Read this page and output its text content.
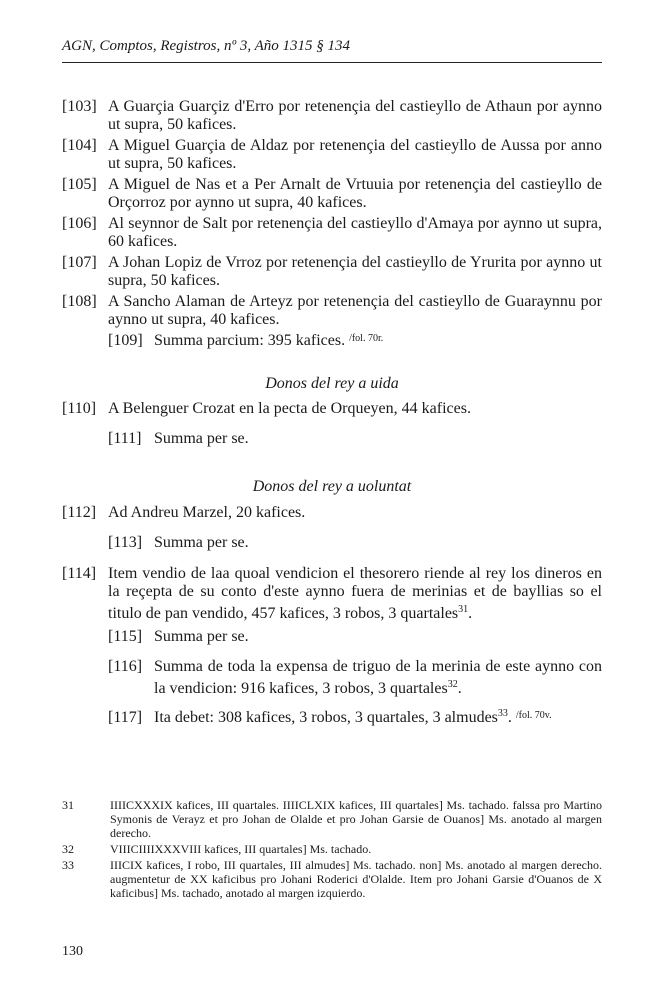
AGN, Comptos, Registros, nº 3, Año 1315 § 134
[103] A Guarçia Guarçiz d'Erro por retenençia del castieyllo de Athaun por aynno ut supra, 50 kafices.
[104] A Miguel Guarçia de Aldaz por retenençia del castieyllo de Aussa por anno ut supra, 50 kafices.
[105] A Miguel de Nas et a Per Arnalt de Vrtuuia por retenençia del castieyllo de Orçorroz por aynno ut supra, 40 kafices.
[106] Al seynnor de Salt por retenençia del castieyllo d'Amaya por aynno ut supra, 60 kafices.
[107] A Johan Lopiz de Vrroz por retenençia del castieyllo de Yrurita por aynno ut supra, 50 kafices.
[108] A Sancho Alaman de Arteyz por retenençia del castieyllo de Guaraynnu por aynno ut supra, 40 kafices.
[109] Summa parcium: 395 kafices. $^{/fol. 70r.}$
Donos del rey a uida
[110] A Belenguer Crozat en la pecta de Orqueyen, 44 kafices.
[111] Summa per se.
Donos del rey a uoluntat
[112] Ad Andreu Marzel, 20 kafices.
[113] Summa per se.
[114] Item vendio de laa quoal vendicion el thesorero riende al rey los dineros en la reçepta de su conto d'este aynno fuera de merinias et de bayllias so el titulo de pan vendido, 457 kafices, 3 robos, 3 quartales$^{31}$.
[115] Summa per se.
[116] Summa de toda la expensa de triguo de la merinia de este aynno con la vendicion: 916 kafices, 3 robos, 3 quartales$^{32}$.
[117] Ita debet: 308 kafices, 3 robos, 3 quartales, 3 almudes$^{33}$. $^{/fol. 70v.}$
31	IIIICXXXIX kafices, III quartales. IIIICLXIX kafices, III quartales] Ms. tachado. falssa pro Martino Symonis de Verayz et pro Johan de Olalde et pro Johan Garsie de Ouanos] Ms. anotado al margen derecho.
32	VIIICIIIIXXXVIII kafices, III quartales] Ms. tachado.
33	IIICIX kafices, I robo, III quartales, III almudes] Ms. tachado. non] Ms. anotado al margen derecho. augmentetur de XX kaficibus pro Johani Roderici d'Olalde. Item pro Johani Garsie d'Ouanos de X kaficibus] Ms. tachado, anotado al margen izquierdo.
130
